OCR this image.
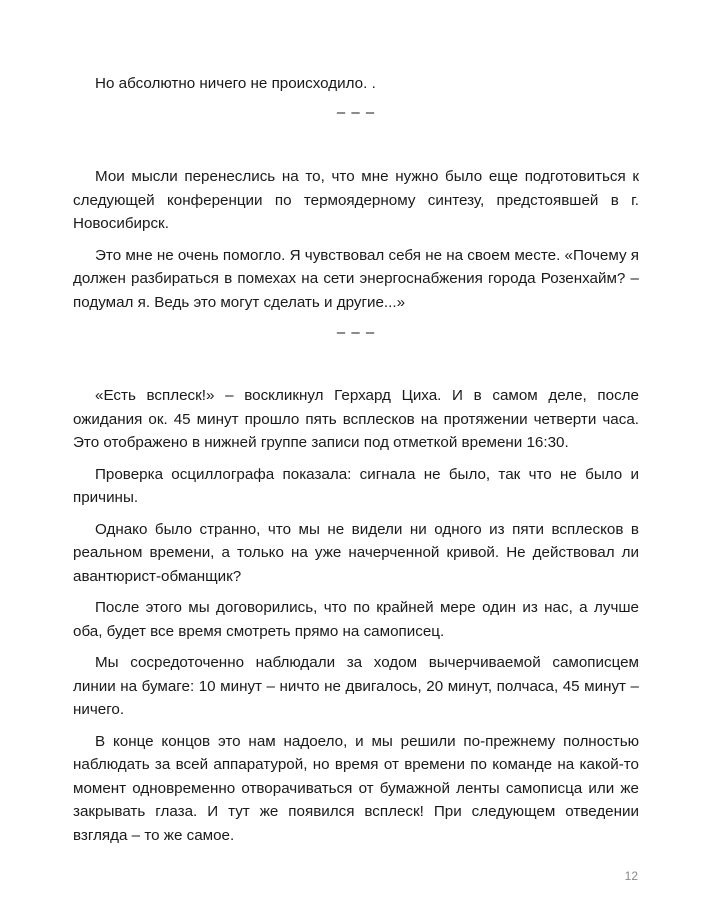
Но абсолютно ничего не происходило. .

– – –

Мои мысли перенеслись на то, что мне нужно было еще подготовиться к следующей конференции по термоядерному синтезу, предстоявшей в г. Новосибирск.

Это мне не очень помогло. Я чувствовал себя не на своем месте. «Почему я должен разбираться в помехах на сети энергоснабжения города Розенхайм? – подумал я. Ведь это могут сделать и другие...»

– – –

«Есть всплеск!» – воскликнул Герхард Циха. И в самом деле, после ожидания ок. 45 минут прошло пять всплесков на протяжении четверти часа. Это отображено в нижней группе записи под отметкой времени 16:30.

Проверка осциллографа показала: сигнала не было, так что не было и причины.

Однако было странно, что мы не видели ни одного из пяти всплесков в реальном времени, а только на уже начерченной кривой. Не действовал ли авантюрист-обманщик?

После этого мы договорились, что по крайней мере один из нас, а лучше оба, будет все время смотреть прямо на самописец.

Мы сосредоточенно наблюдали за ходом вычерчиваемой самописцем линии на бумаге: 10 минут – ничто не двигалось, 20 минут, полчаса, 45 минут – ничего.

В конце концов это нам надоело, и мы решили по-прежнему полностью наблюдать за всей аппаратурой, но время от времени по команде на какой-то момент одновременно отворачиваться от бумажной ленты самописца или же закрывать глаза. И тут же появился всплеск! При следующем отведении взгляда – то же самое.

12
